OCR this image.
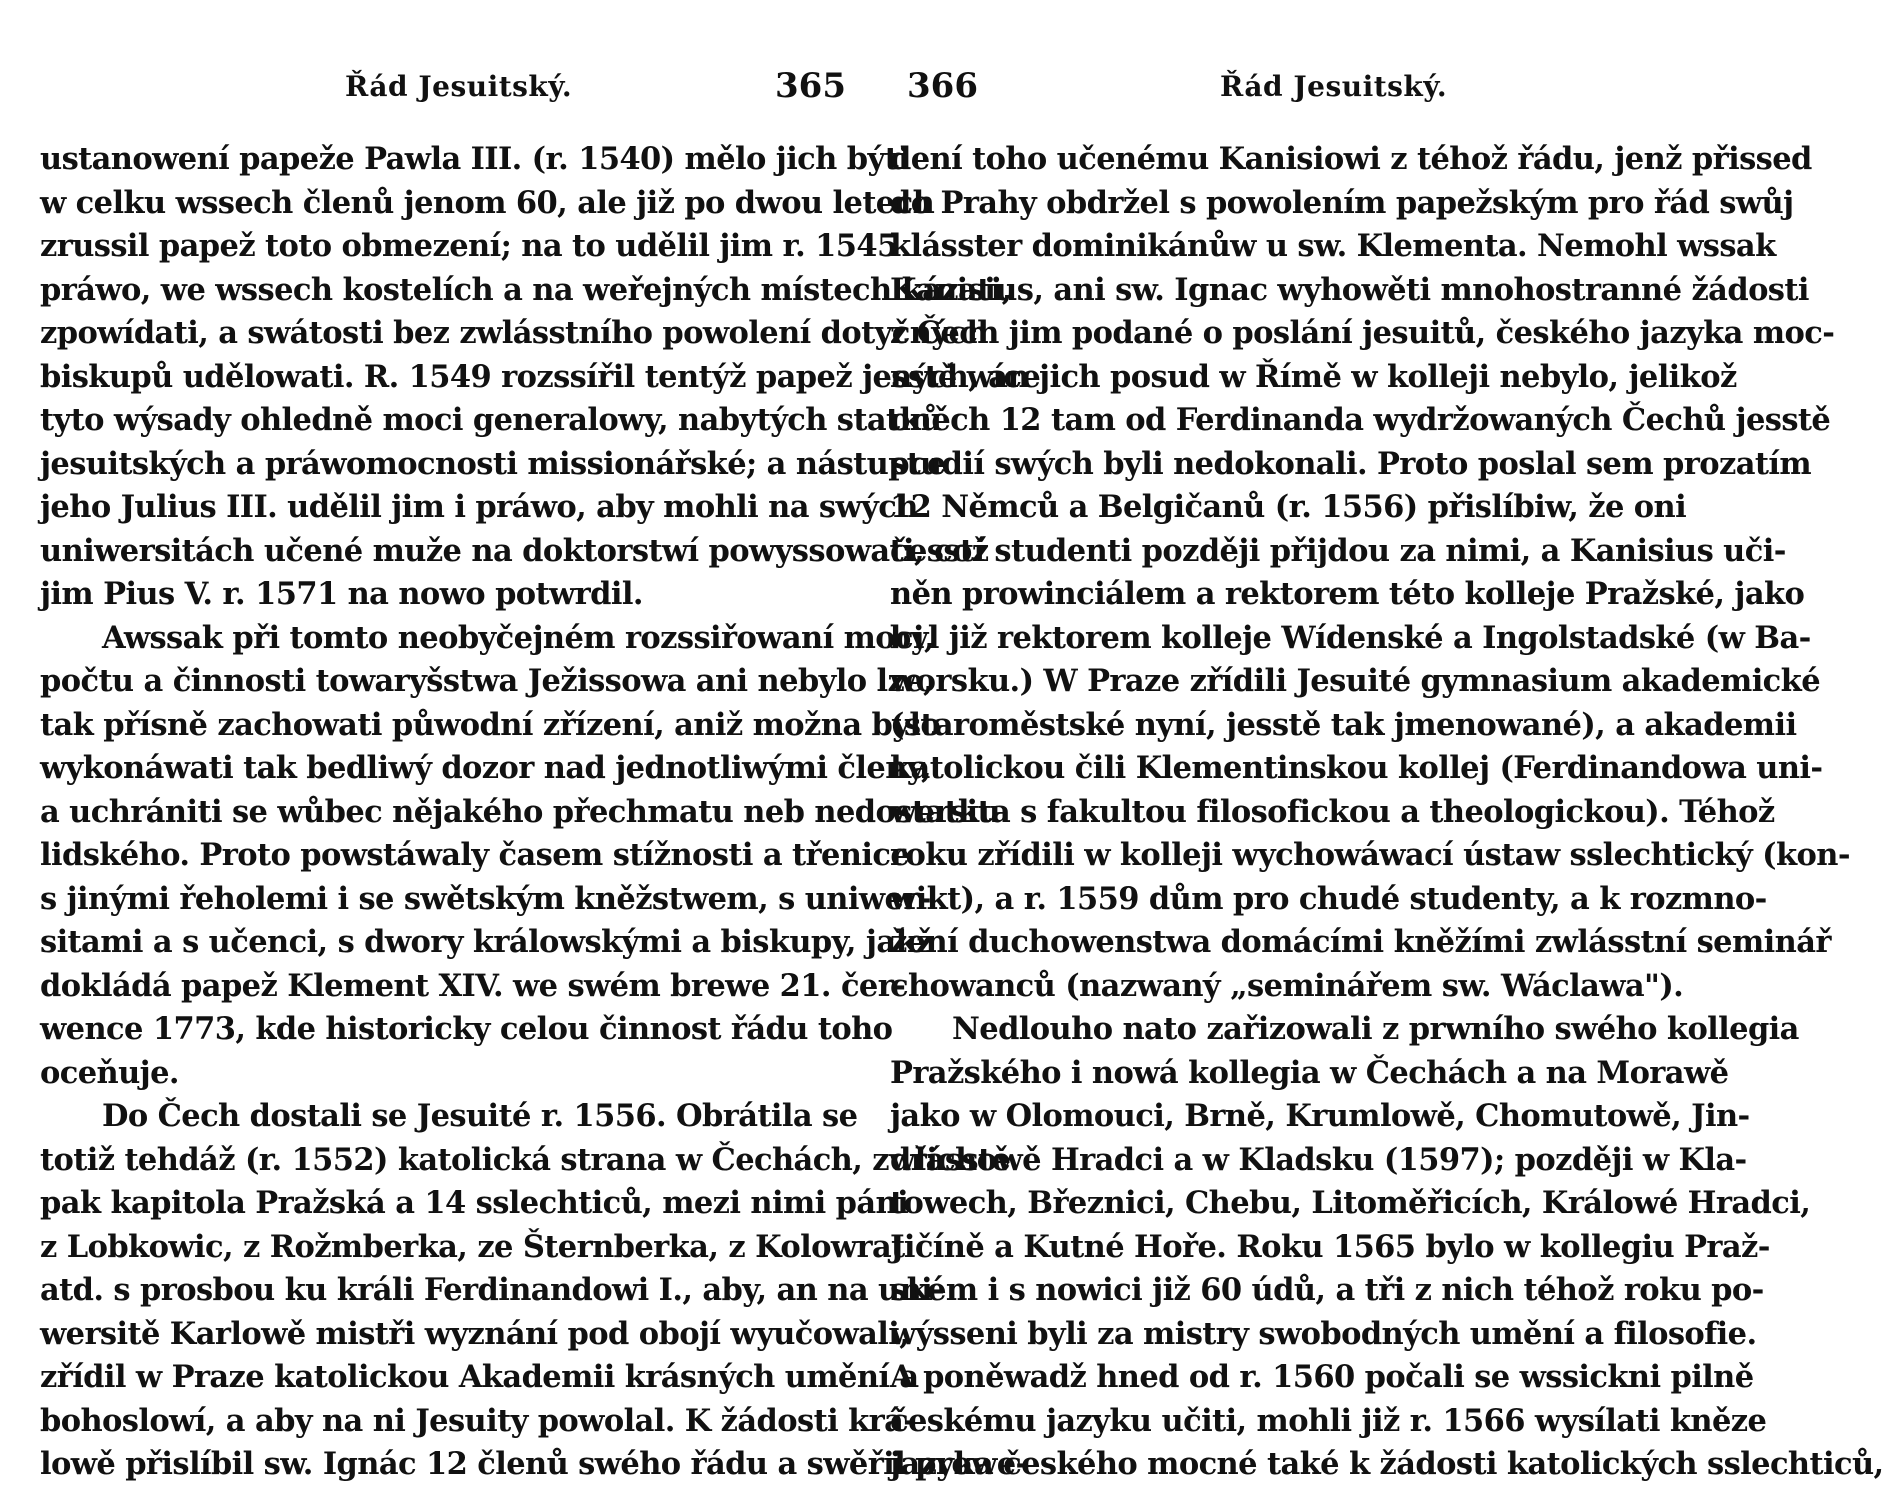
Řád Jesuitský.	365
ustanowení papeže Pawla III. (r. 1540) mělo jich býti
w celku wssech členů jenom 60, ale již po dwou letech
zrussil papež toto obmezení; na to udělil jim r. 1545
práwo, we wssech kostelích a na weřejných místech kázati,
zpowídati, a swátosti bez zwlásstního powolení dotyčných
biskupů udělowati. R. 1549 rozssířil tentýž papež jesstě wíce
tyto wýsady ohledně moci generalowy, nabytých statků
jesuitských a práwomocnosti missionářské; a nástupce
jeho Julius III. udělil jim i práwo, aby mohli na swých
uniwersitách učené muže na doktorstwí powyssowati, což
jim Pius V. r. 1571 na nowo potwrdil.
Awssak při tomto neobyčejném rozssiřowaní moci,
počtu a činnosti towaryšstwa Ježissowa ani nebylo lze,
tak přísně zachowati půwodní zřízení, aniž možna bylo
wykonáwati tak bedliwý dozor nad jednotliwými členy,
a uchrániti se wůbec nějakého přechmatu neb nedostatku
lidského. Proto powstáwaly časem stížnosti a třenice
s jinými řeholemi i se swětským kněžstwem, s uniwer-
sitami a s učenci, s dwory králowskými a biskupy, jakž
dokládá papež Klement XIV. we swém brewe 21. čer-
wence 1773, kde historicky celou činnost řádu toho
oceňuje.
Do Čech dostali se Jesuité r. 1556. Obrátila se
totiž tehdáž (r. 1552) katolická strana w Čechách, zwlásstě
pak kapitola Pražská a 14 sslechticů, mezi nimi páni
z Lobkowic, z Rožmberka, ze Šternberka, z Kolowrat
atd. s prosbou ku králi Ferdinandowi I., aby, an na uni-
wersitě Karlowě mistři wyznání pod obojí wyučowali,
zřídil w Praze katolickou Akademii krásných umění a
bohoslowí, a aby na ni Jesuity powolal. K žádosti krá-
lowě přislíbil sw. Ignác 12 členů swého řádu a swěřil prowe-
366	Řád Jesuitský.
dení toho učenému Kanisiowi z téhož řádu, jenž přissed
do Prahy obdržel s powolením papežským pro řád swůj
klásster dominikánůw u sw. Klementa. Nemohl wssak
Kanisius, ani sw. Ignac wyhowěti mnohostranné žádosti
z Čech jim podané o poslání jesuitů, českého jazyka moc-
ných, an jich posud w Římě w kolleji nebylo, jelikož
oněch 12 tam od Ferdinanda wydržowaných Čechů jesstě
studií swých byli nedokonali. Proto poslal sem prozatím
12 Němců a Belgičanů (r. 1556) přislíbiw, že oni
česstí studenti později přijdou za nimi, a Kanisius uči-
něn prowinciálem a rektorem této kolleje Pražské, jako
byl již rektorem kolleje Wídenské a Ingolstadské (w Ba-
worsku.) W Praze zřídili Jesuité gymnasium akademické
(staroměstské nyní, jesstě tak jmenowané), a akademii
katolickou čili Klementinskou kollej (Ferdinandowa uni-
wersita s fakultou filosofickou a theologickou). Téhož
roku zřídili w kolleji wychowáwací ústaw sslechtický (kon-
wikt), a r. 1559 dům pro chudé studenty, a k rozmno-
žení duchowenstwa domácími kněžími zwlásstní seminář
chowanců (nazwaný „seminářem sw. Wáclawa").
Nedlouho nato zařizowali z prwního swého kollegia
Pražského i nowá kollegia w Čechách a na Morawě
jako w Olomouci, Brně, Krumlowě, Chomutowě, Jin-
dřichowě Hradci a w Kladsku (1597); později w Kla-
towech, Březnici, Chebu, Litoměřicích, Králowé Hradci,
Jičíně a Kutné Hoře. Roku 1565 bylo w kollegiu Praž-
ském i s nowici již 60 údů, a tři z nich téhož roku po-
wýsseni byli za mistry swobodných umění a filosofie.
A poněwadž hned od r. 1560 počali se wssickni pilně
českému jazyku učiti, mohli již r. 1566 wysílati kněze
jazyka českého mocné také k žádosti katolických sslechticů,
